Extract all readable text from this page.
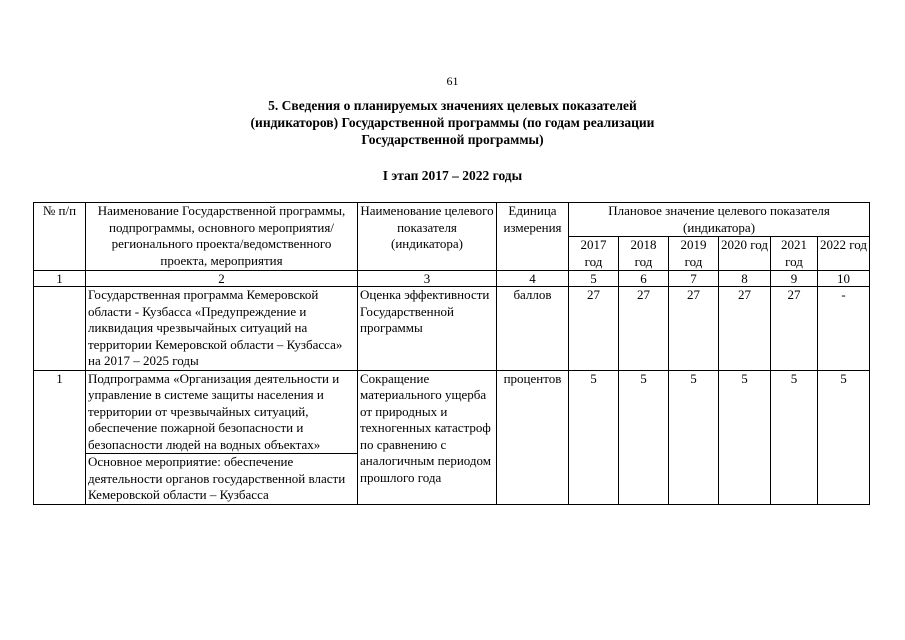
61
5. Сведения о планируемых значениях целевых показателей
(индикаторов) Государственной программы (по годам реализации
Государственной программы)
I этап 2017 – 2022 годы
№ п/п	Наименование Государственной программы, подпрограммы, основного мероприятия/регионального проекта/ведомственного проекта, мероприятия	Наименование целевого показателя (индикатора)	Единица измерения	Плановое значение целевого показателя (индикатора)					
				2017 год	2018 год	2019 год	2020 год	2021 год	2022 год
1	2	3	4	5	6	7	8	9	10
	Государственная программа Кемеровской области - Кузбасса «Предупреждение и ликвидация чрезвычайных ситуаций на территории Кемеровской области – Кузбасса» на 2017 – 2025 годы	Оценка эффективности Государственной программы	баллов	27	27	27	27	27	-
1	Подпрограмма «Организация деятельности и управление в системе защиты населения и территории от чрезвычайных ситуаций, обеспечение пожарной безопасности и безопасности людей на водных объектах»	Сокращение материального ущерба от природных и техногенных катастроф по сравнению с аналогичным периодом прошлого года	процентов	5	5	5	5	5	5
	Основное мероприятие: обеспечение деятельности органов государственной власти Кемеровской области – Кузбасса								
